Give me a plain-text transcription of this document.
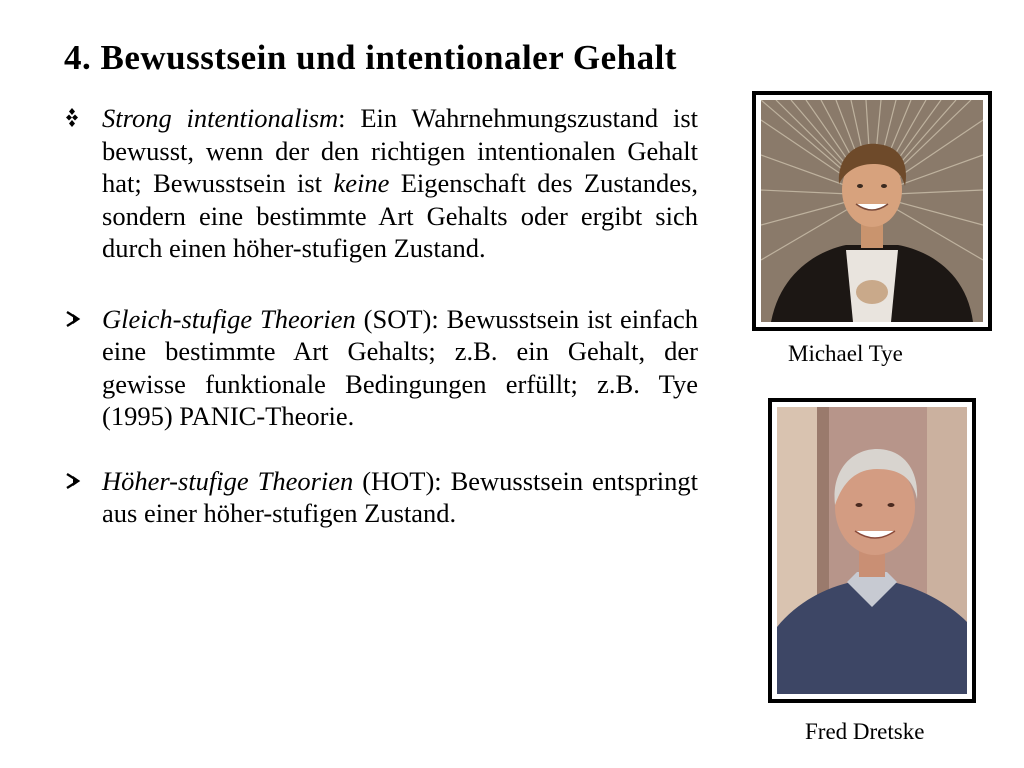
4. Bewusstsein und intentionaler Gehalt
Strong intentionalism: Ein Wahrnehmungszustand ist bewusst, wenn der den richtigen intentionalen Gehalt hat; Bewusstsein ist keine Eigenschaft des Zustandes, sondern eine bestimmte Art Gehalts oder ergibt sich durch einen höher-stufigen Zustand.
Gleich-stufige Theorien (SOT): Bewusstsein ist einfach eine bestimmte Art Gehalts; z.B. ein Gehalt, der gewisse funktionale Bedingungen erfüllt; z.B. Tye (1995) PANIC-Theorie.
Höher-stufige Theorien (HOT): Bewusstsein entspringt aus einer höher-stufigen Zustand.
Michael Tye
Fred Dretske
